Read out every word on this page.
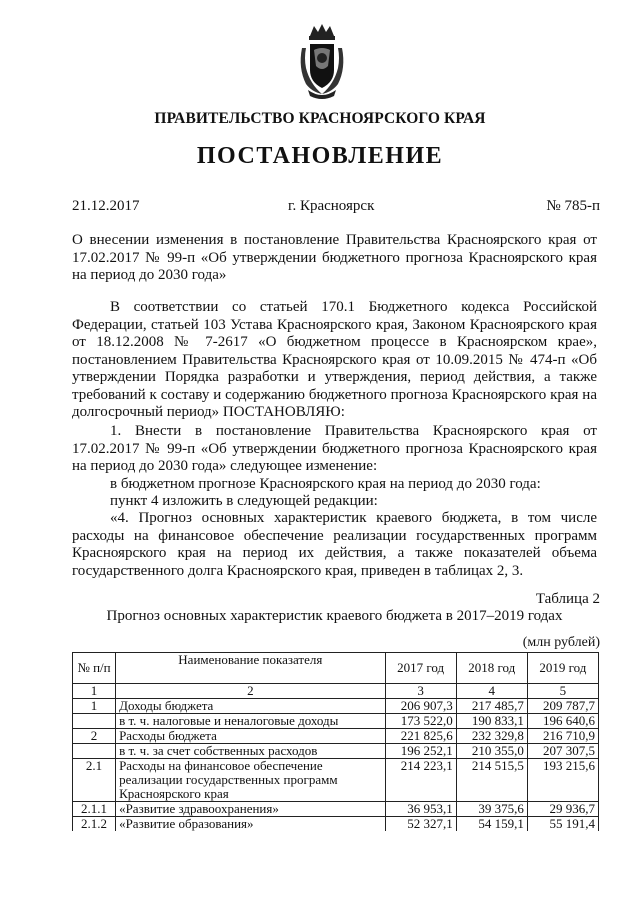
ПРАВИТЕЛЬСТВО КРАСНОЯРСКОГО КРАЯ
ПОСТАНОВЛЕНИЕ
21.12.2017	г. Красноярск	№ 785-п

О внесении изменения в постановление Правительства Красноярского края от 17.02.2017 № 99-п «Об утверждении бюджетного прогноза Красноярского края на период до 2030 года»

В соответствии со статьей 170.1 Бюджетного кодекса Российской Федерации, статьей 103 Устава Красноярского края, Законом Красноярского края от 18.12.2008 № 7-2617 «О бюджетном процессе в Красноярском крае», постановлением Правительства Красноярского края от 10.09.2015 № 474-п «Об утверждении Порядка разработки и утверждения, период действия, а также требований к составу и содержанию бюджетного прогноза Красноярского края на долгосрочный период» ПОСТАНОВЛЯЮ:

1. Внести в постановление Правительства Красноярского края от 17.02.2017 № 99-п «Об утверждении бюджетного прогноза Красноярского края на период до 2030 года» следующее изменение:

в бюджетном прогнозе Красноярского края на период до 2030 года:

пункт 4 изложить в следующей редакции:

«4. Прогноз основных характеристик краевого бюджета, в том числе расходы на финансовое обеспечение реализации государственных программ Красноярского края на период их действия, а также показателей объема государственного долга Красноярского края, приведен в таблицах 2, 3.

Таблица 2
Прогноз основных характеристик краевого бюджета в 2017–2019 годах
(млн рублей)
№ п/п	Наименование показателя	2017 год	2018 год	2019 год
1	2	3	4	5
1	Доходы бюджета	206 907,3	217 485,7	209 787,7
	в т. ч. налоговые и неналоговые доходы	173 522,0	190 833,1	196 640,6
2	Расходы бюджета	221 825,6	232 329,8	216 710,9
	в т. ч. за счет собственных расходов	196 252,1	210 355,0	207 307,5
2.1	Расходы на финансовое обеспечение реализации государственных программ Красноярского края	214 223,1	214 515,5	193 215,6
2.1.1	«Развитие здравоохранения»	36 953,1	39 375,6	29 936,7
2.1.2	«Развитие образования»	52 327,1	54 159,1	55 191,4
